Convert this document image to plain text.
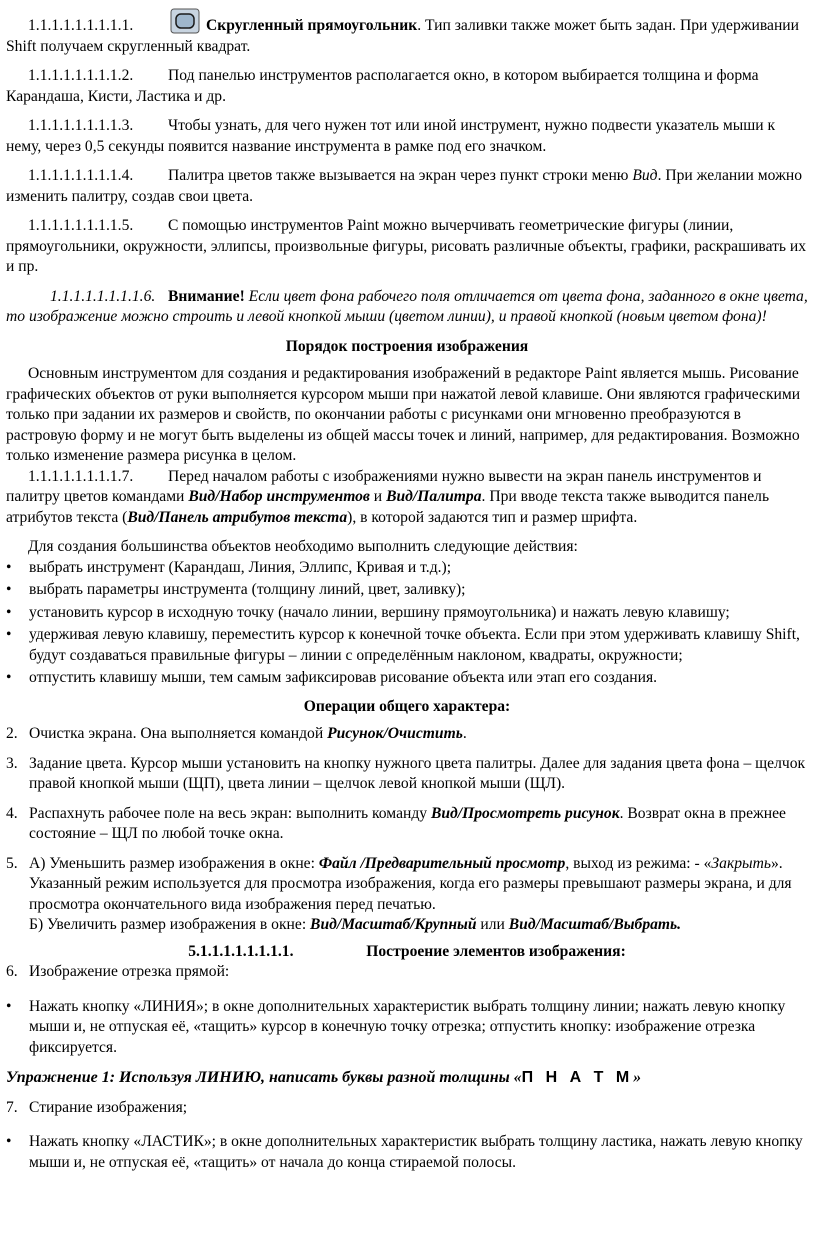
1.1.1.1.1.1.1.1.1.	Скругленный прямоугольник. Тип заливки также может быть задан. При удерживании Shift получаем скругленный квадрат.

1.1.1.1.1.1.1.1.2. Под панелью инструментов располагается окно, в котором выбирается толщина и форма Карандаша, Кисти, Ластика и др.

1.1.1.1.1.1.1.1.3. Чтобы узнать, для чего нужен тот или иной инструмент, нужно подвести указатель мыши к нему, через 0,5 секунды появится название инструмента в рамке под его значком.

1.1.1.1.1.1.1.1.4. Палитра цветов также вызывается на экран через пункт строки меню Вид. При желании можно изменить палитру, создав свои цвета.

1.1.1.1.1.1.1.1.5. С помощью инструментов Paint можно вычерчивать геометрические фигуры (линии, прямоугольники, окружности, эллипсы, произвольные фигуры, рисовать различные объекты, графики, раскрашивать их и пр.

1.1.1.1.1.1.1.1.6. Внимание! Если цвет фона рабочего поля отличается от цвета фона, заданного в окне цвета, то изображение можно строить и левой кнопкой мыши (цветом линии), и правой кнопкой (новым цветом фона)!

Порядок построения изображения

Основным инструментом для создания и редактирования изображений в редакторе Paint является мышь. Рисование графических объектов от руки выполняется курсором мыши при нажатой левой клавише. Они являются графическими только при задании их размеров и свойств, по окончании работы с рисунками они мгновенно преобразуются в растровую форму и не могут быть выделены из общей массы точек и линий, например, для редактирования. Возможно только изменение размера рисунка в целом.

1.1.1.1.1.1.1.1.7. Перед началом работы с изображениями нужно вывести на экран панель инструментов и палитру цветов командами Вид/Набор инструментов и Вид/Палитра. При вводе текста также выводится панель атрибутов текста (Вид/Панель атрибутов текста), в которой задаются тип и размер шрифта.

Для создания большинства объектов необходимо выполнить следующие действия:

• выбрать инструмент (Карандаш, Линия, Эллипс, Кривая и т.д.);
• выбрать параметры инструмента (толщину линий, цвет, заливку);
• установить курсор в исходную точку (начало линии, вершину прямоугольника) и нажать левую клавишу;
• удерживая левую клавишу, переместить курсор к конечной точке объекта. Если при этом удерживать клавишу Shift, будут создаваться правильные фигуры – линии с определённым наклоном, квадраты, окружности;
• отпустить клавишу мыши, тем самым зафиксировав рисование объекта или этап его создания.

Операции общего характера:

2. Очистка экрана. Она выполняется командой Рисунок/Очистить.
3. Задание цвета. Курсор мыши установить на кнопку нужного цвета палитры. Далее для задания цвета фона – щелчок правой кнопкой мыши (ЩП), цвета линии – щелчок левой кнопкой мыши (ЩЛ).
4. Распахнуть рабочее поле на весь экран: выполнить команду Вид/Просмотреть рисунок. Возврат окна в прежнее состояние – ЩЛ по любой точке окна.
5. А) Уменьшить размер изображения в окне: Файл /Предварительный просмотр, выход из режима: - «Закрыть». Указанный режим используется для просмотра изображения, когда его размеры превышают размеры экрана, и для просмотра окончательного вида изображения перед печатью.
Б) Увеличить размер изображения в окне: Вид/Масштаб/Крупный или Вид/Масштаб/Выбрать.

5.1.1.1.1.1.1.1.1.	Построение элементов изображения:

6. Изображение отрезка прямой:
• Нажать кнопку «ЛИНИЯ»; в окне дополнительных характеристик выбрать толщину линии; нажать левую кнопку мыши и, не отпуская её, «тащить» курсор в конечную точку отрезка; отпустить кнопку: изображение отрезка фиксируется.

Упражнение 1: Используя ЛИНИЮ, написать буквы разной толщины «П Н А Т М»

7. Стирание изображения;
• Нажать кнопку «ЛАСТИК»; в окне дополнительных характеристик выбрать толщину ластика, нажать левую кнопку мыши и, не отпуская её, «тащить» от начала до конца стираемой полосы.
